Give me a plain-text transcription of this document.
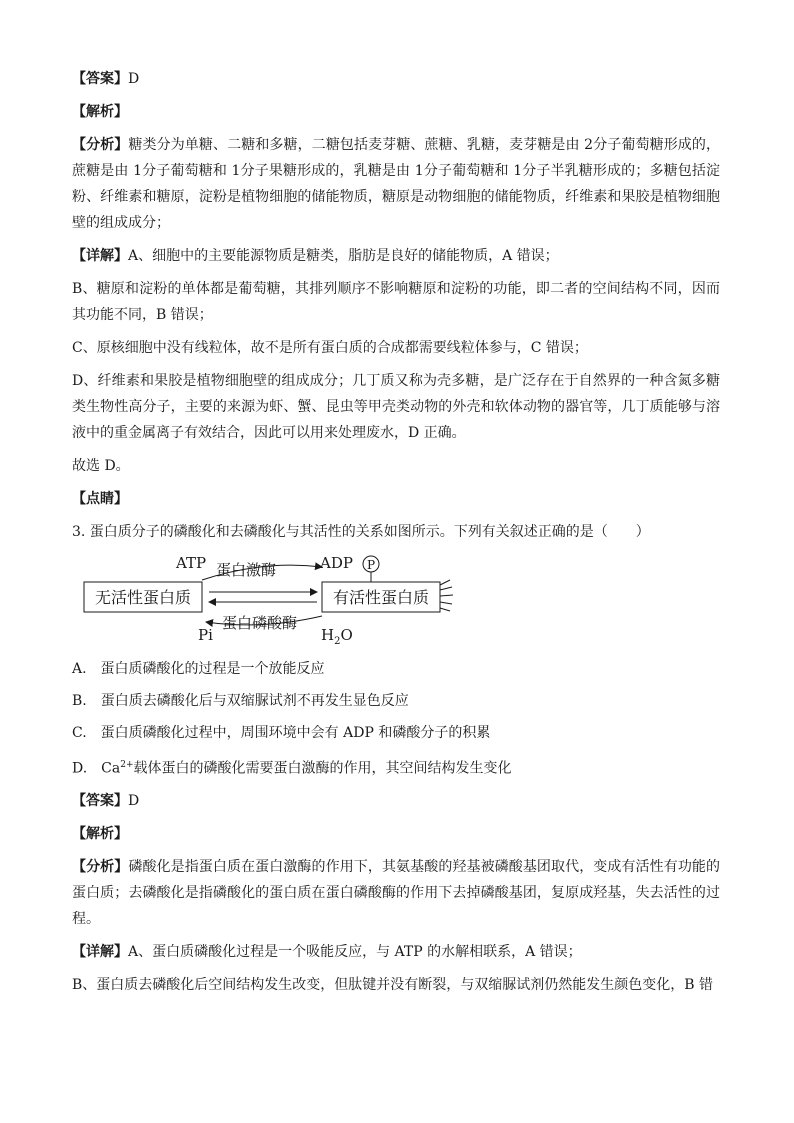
【答案】D

【解析】

【分析】糖类分为单糖、二糖和多糖，二糖包括麦芽糖、蔗糖、乳糖，麦芽糖是由 2分子葡萄糖形成的，蔗糖是由 1分子葡萄糖和 1分子果糖形成的，乳糖是由 1分子葡萄糖和 1分子半乳糖形成的；多糖包括淀粉、纤维素和糖原，淀粉是植物细胞的储能物质，糖原是动物细胞的储能物质，纤维素和果胶是植物细胞壁的组成成分；

【详解】A、细胞中的主要能源物质是糖类，脂肪是良好的储能物质，A 错误；

B、糖原和淀粉的单体都是葡萄糖，其排列顺序不影响糖原和淀粉的功能，即二者的空间结构不同，因而其功能不同，B 错误；

C、原核细胞中没有线粒体，故不是所有蛋白质的合成都需要线粒体参与，C 错误；

D、纤维素和果胶是植物细胞壁的组成成分；几丁质又称为壳多糖，是广泛存在于自然界的一种含氮多糖类生物性高分子，主要的来源为虾、蟹、昆虫等甲壳类动物的外壳和软体动物的器官等，几丁质能够与溶液中的重金属离子有效结合，因此可以用来处理废水，D 正确。

故选 D。

【点睛】

3. 蛋白质分子的磷酸化和去磷酸化与其活性的关系如图所示。下列有关叙述正确的是（　　）

无活性蛋白质	有活性蛋白质
ATP 蛋白激酶	ADP P
Pi
蛋白磷酸酶
$H_2O$

A.　蛋白质磷酸化的过程是一个放能反应

B.　蛋白质去磷酸化后与双缩脲试剂不再发生显色反应

C.　蛋白质磷酸化过程中，周围环境中会有 ADP 和磷酸分子的积累

D.　$Ca^{2+}$载体蛋白的磷酸化需要蛋白激酶的作用，其空间结构发生变化

【答案】D

【解析】

【分析】磷酸化是指蛋白质在蛋白激酶的作用下，其氨基酸的羟基被磷酸基团取代，变成有活性有功能的蛋白质；去磷酸化是指磷酸化的蛋白质在蛋白磷酸酶的作用下去掉磷酸基团，复原成羟基，失去活性的过程。

【详解】A、蛋白质磷酸化过程是一个吸能反应，与 ATP 的水解相联系，A 错误；

B、蛋白质去磷酸化后空间结构发生改变，但肽键并没有断裂，与双缩脲试剂仍然能发生颜色变化，B 错
